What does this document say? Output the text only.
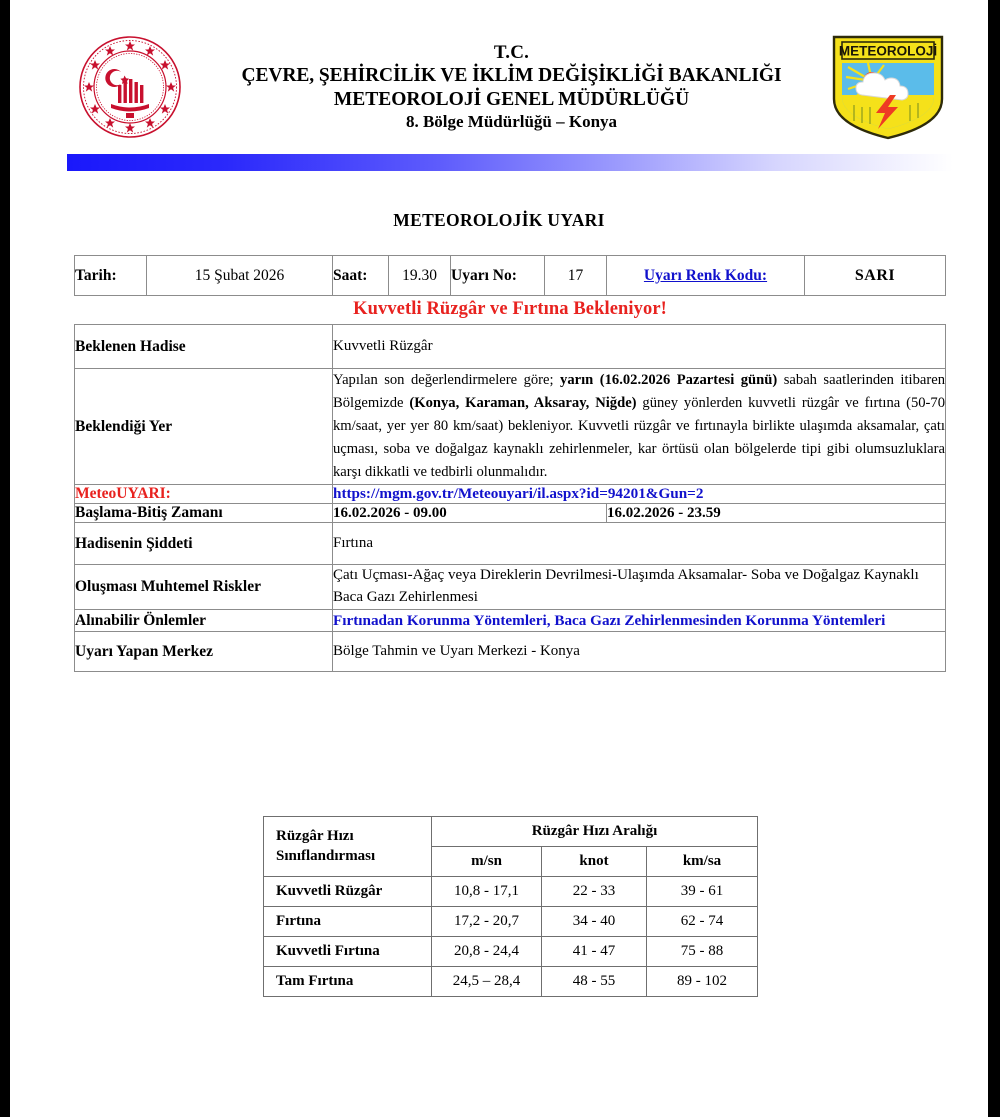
T.C.
ÇEVRE, ŞEHİRCİLİK VE İKLİM DEĞİŞİKLİĞİ BAKANLIĞI
METEOROLOJİ GENEL MÜDÜRLÜĞÜ
8. Bölge Müdürlüğü – Konya
METEOROLOJİ
METEOROLOJİK UYARI
Tarih:	15 Şubat 2026	Saat:	19.30	Uyarı No:	17	Uyarı Renk Kodu:	SARI
Kuvvetli Rüzgâr ve Fırtına Bekleniyor!							
Beklenen Hadise		Kuvvetli Rüzgâr					
Beklendiği Yer		Yapılan son değerlendirmelere göre; yarın (16.02.2026 Pazartesi günü) sabah saatlerinden itibaren Bölgemizde (Konya, Karaman, Aksaray, Niğde) güney yönlerden kuvvetli rüzgâr ve fırtına (50-70 km/saat, yer yer 80 km/saat) bekleniyor. Kuvvetli rüzgâr ve fırtınayla birlikte ulaşımda aksamalar, çatı uçması, soba ve doğalgaz kaynaklı zehirlenmeler, kar örtüsü olan bölgelerde tipi gibi olumsuzluklara karşı dikkatli ve tedbirli olunmalıdır.					
MeteoUYARI:		https://mgm.gov.tr/Meteouyari/il.aspx?id=94201&Gun=2					
Başlama-Bitiş Zamanı		16.02.2026 - 09.00				16.02.2026 - 23.59	
Hadisenin Şiddeti		Fırtına					
Oluşması Muhtemel Riskler		Çatı Uçması-Ağaç veya Direklerin Devrilmesi-Ulaşımda Aksamalar- Soba ve Doğalgaz Kaynaklı Baca Gazı Zehirlenmesi					
Alınabilir Önlemler		Fırtınadan Korunma Yöntemleri, Baca Gazı Zehirlenmesinden Korunma Yöntemleri					
Uyarı Yapan Merkez		Bölge Tahmin ve Uyarı Merkezi - Konya					
Rüzgâr Hızı
Sınıflandırması	Rüzgâr Hızı Aralığı		
	m/sn	knot	km/sa
Kuvvetli Rüzgâr	10,8 - 17,1	22 - 33	39 - 61
Fırtına	17,2 - 20,7	34 - 40	62 - 74
Kuvvetli Fırtına	20,8 - 24,4	41 - 47	75 - 88
Tam Fırtına	24,5 – 28,4	48 - 55	89 - 102
